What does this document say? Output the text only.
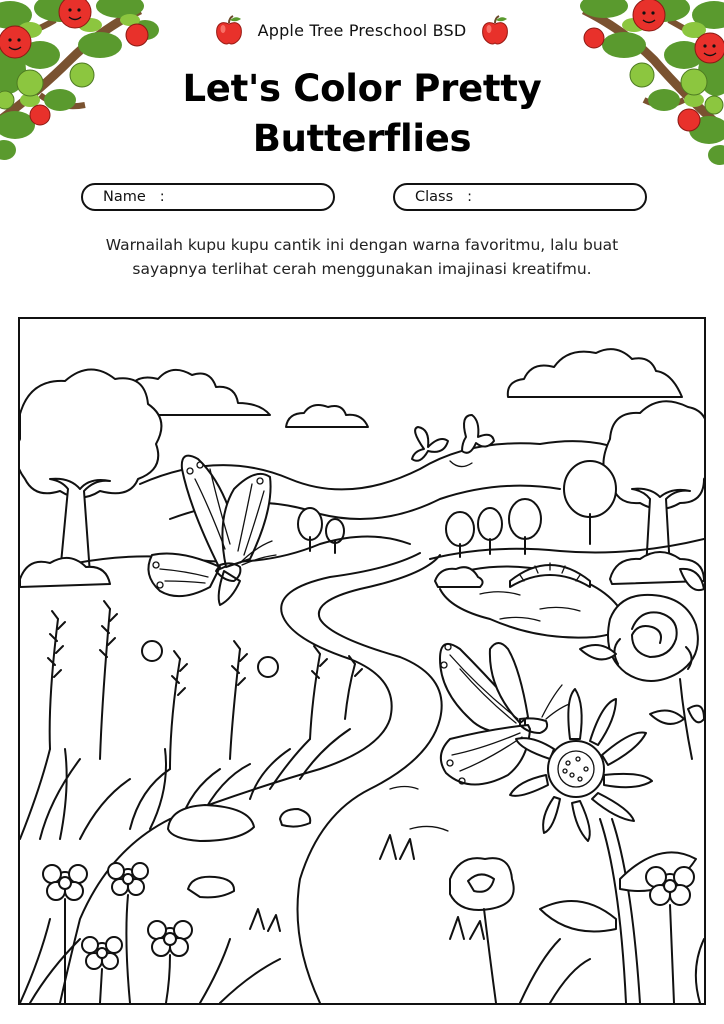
Apple Tree Preschool BSD
Let's Color Pretty
Butterflies
Name :	Class :
Warnailah kupu kupu cantik ini dengan warna favoritmu, lalu buat
sayapnya terlihat cerah menggunakan imajinasi kreatifmu.
